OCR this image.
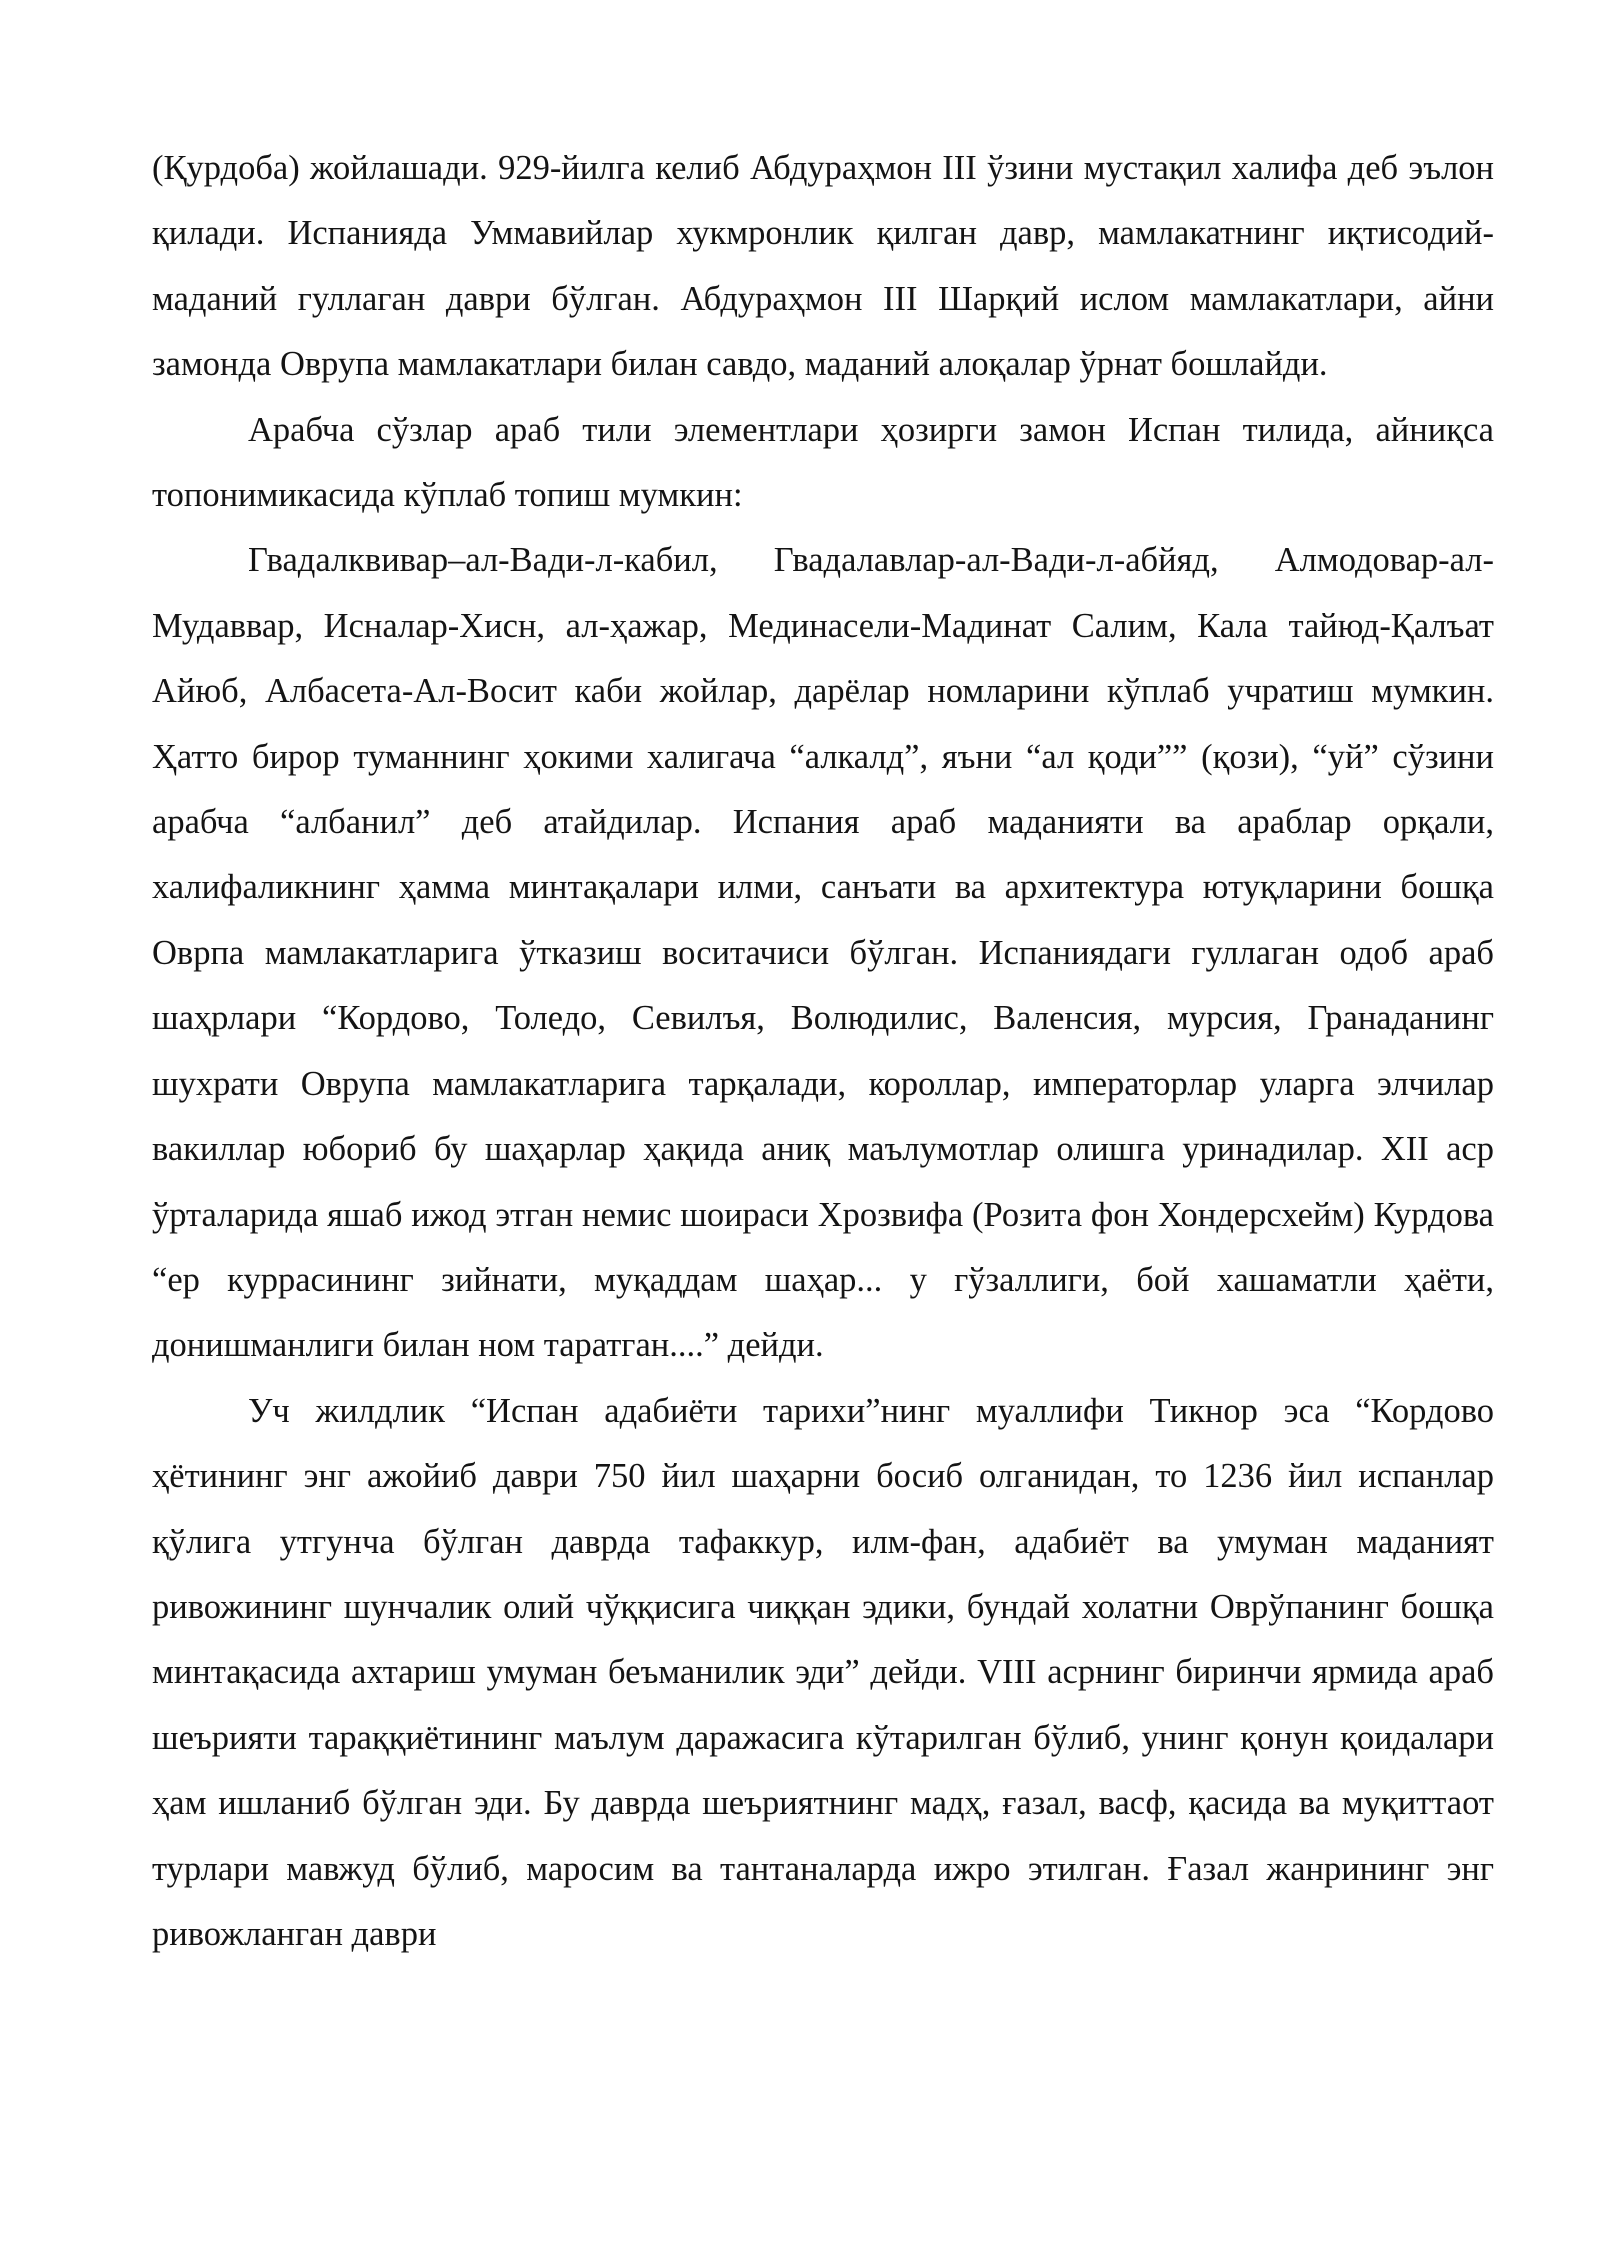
(Қурдоба) жойлашади. 929-йилга келиб Абдураҳмон III ўзини мустақил халифа деб эълон қилади. Испанияда Уммавийлар хукмронлик қилган давр, мамлакатнинг иқтисодий-маданий гуллаган даври бўлган. Абдураҳмон III Шарқий ислом мамлакатлари, айни замонда Оврупа мамлакатлари билан савдо, маданий алоқалар ўрнат бошлайди.

Арабча сўзлар араб тили элементлари ҳозирги замон Испан тилида, айниқса топонимикасида кўплаб топиш мумкин:

Гвадалквивар–ал-Вади-л-кабил, Гвадалавлар-ал-Вади-л-абйяд, Алмодовар-ал-Мудаввар, Исналар-Хисн, ал-ҳажар, Мединасели-Мадинат Салим, Кала тайюд-Қалъат Айюб, Албасета-Ал-Восит каби жойлар, дарёлар номларини кўплаб учратиш мумкин. Ҳатто бирор туманнинг ҳокими халигача “алкалд”, яъни “ал қоди”” (қози), “уй” сўзини арабча “албанил” деб атайдилар. Испания араб маданияти ва араблар орқали, халифаликнинг ҳамма минтақалари илми, санъати ва архитектура ютуқларини бошқа Оврпа мамлакатларига ўтказиш воситачиси бўлган. Испаниядаги гуллаган одоб араб шаҳрлари “Кордово, Толедо, Севилъя, Волюдилис, Валенсия, мурсия, Гранаданинг шухрати Оврупа мамлакатларига тарқалади, короллар, императорлар уларга элчилар вакиллар юбориб бу шаҳарлар ҳақида аниқ маълумотлар олишга уринадилар. XII аср ўрталарида яшаб ижод этган немис шоираси Хрозвифа (Розита фон Хондерсхейм) Курдова “ер куррасининг зийнати, муқаддам шаҳар... у гўзаллиги, бой хашаматли ҳаёти, донишманлиги билан ном таратган....” дейди.

Уч жилдлик “Испан адабиёти тарихи”нинг муаллифи Тикнор эса “Кордово ҳётининг энг ажойиб даври 750 йил шаҳарни босиб олганидан, то 1236 йил испанлар қўлига утгунча бўлган даврда тафаккур, илм-фан, адабиёт ва умуман маданият ривожининг шунчалик олий чўққисига чиққан эдики, бундай холатни Оврўпанинг бошқа минтақасида ахтариш умуман беъманилик эди” дейди. VIII асрнинг биринчи ярмида араб шеърияти тараққиётининг маълум даражасига кўтарилган бўлиб, унинг қонун қоидалари ҳам ишланиб бўлган эди. Бу даврда шеъриятнинг мадҳ, ғазал, васф, қасида ва муқиттаот турлари мавжуд бўлиб, маросим ва тантаналарда ижро этилган. Ғазал жанрининг энг ривожланган даври
